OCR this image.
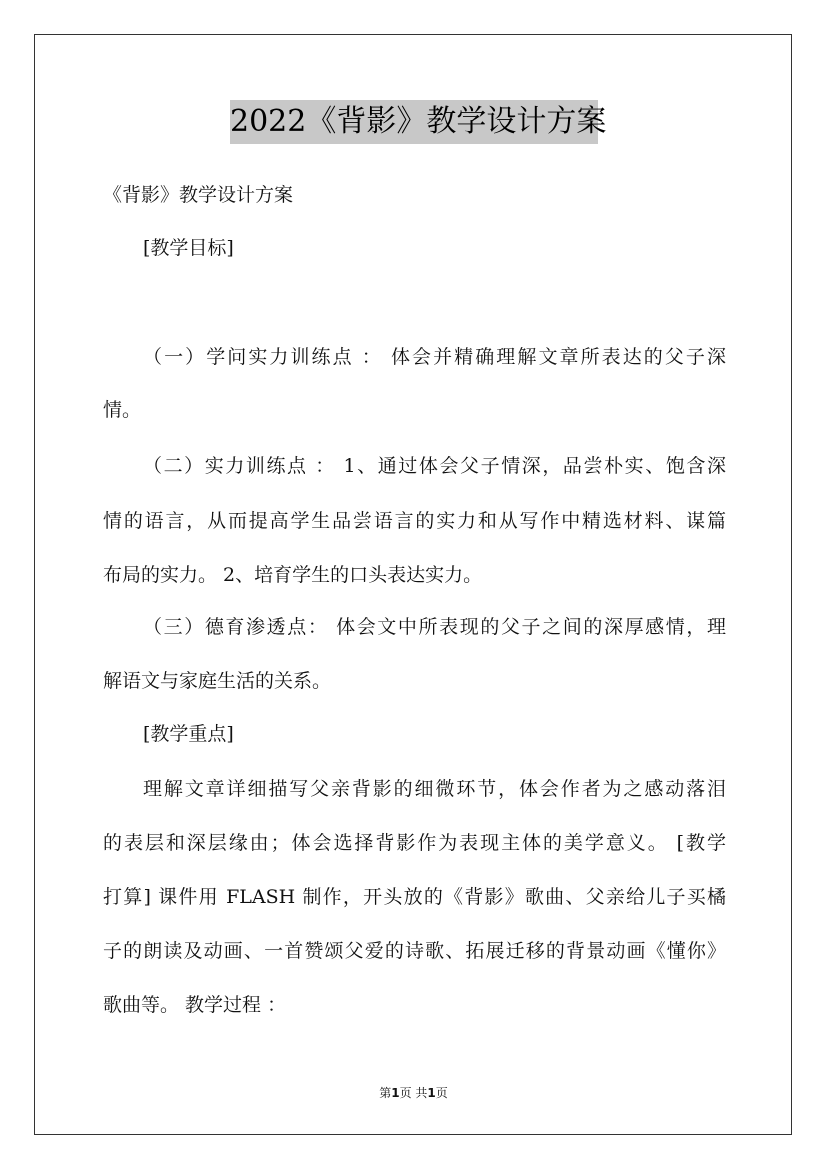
2022《背影》教学设计方案
《背影》教学设计方案
[教学目标]
（一）学问实力训练点 ： 体会并精确理解文章所表达的父子深
情。
（二）实力训练点 ： 1、通过体会父子情深，品尝朴实、饱含深
情的语言，从而提高学生品尝语言的实力和从写作中精选材料、谋篇
布局的实力。 2、培育学生的口头表达实力。
（三）德育渗透点： 体会文中所表现的父子之间的深厚感情，理
解语文与家庭生活的关系。
[教学重点]
理解文章详细描写父亲背影的细微环节，体会作者为之感动落泪
的表层和深层缘由；体会选择背影作为表现主体的美学意义。 [教学
打算] 课件用 FLASH 制作，开头放的《背影》歌曲、父亲给儿子买橘
子的朗读及动画、一首赞颂父爱的诗歌、拓展迁移的背景动画《懂你》
歌曲等。 教学过程 ：
第1页 共1页
